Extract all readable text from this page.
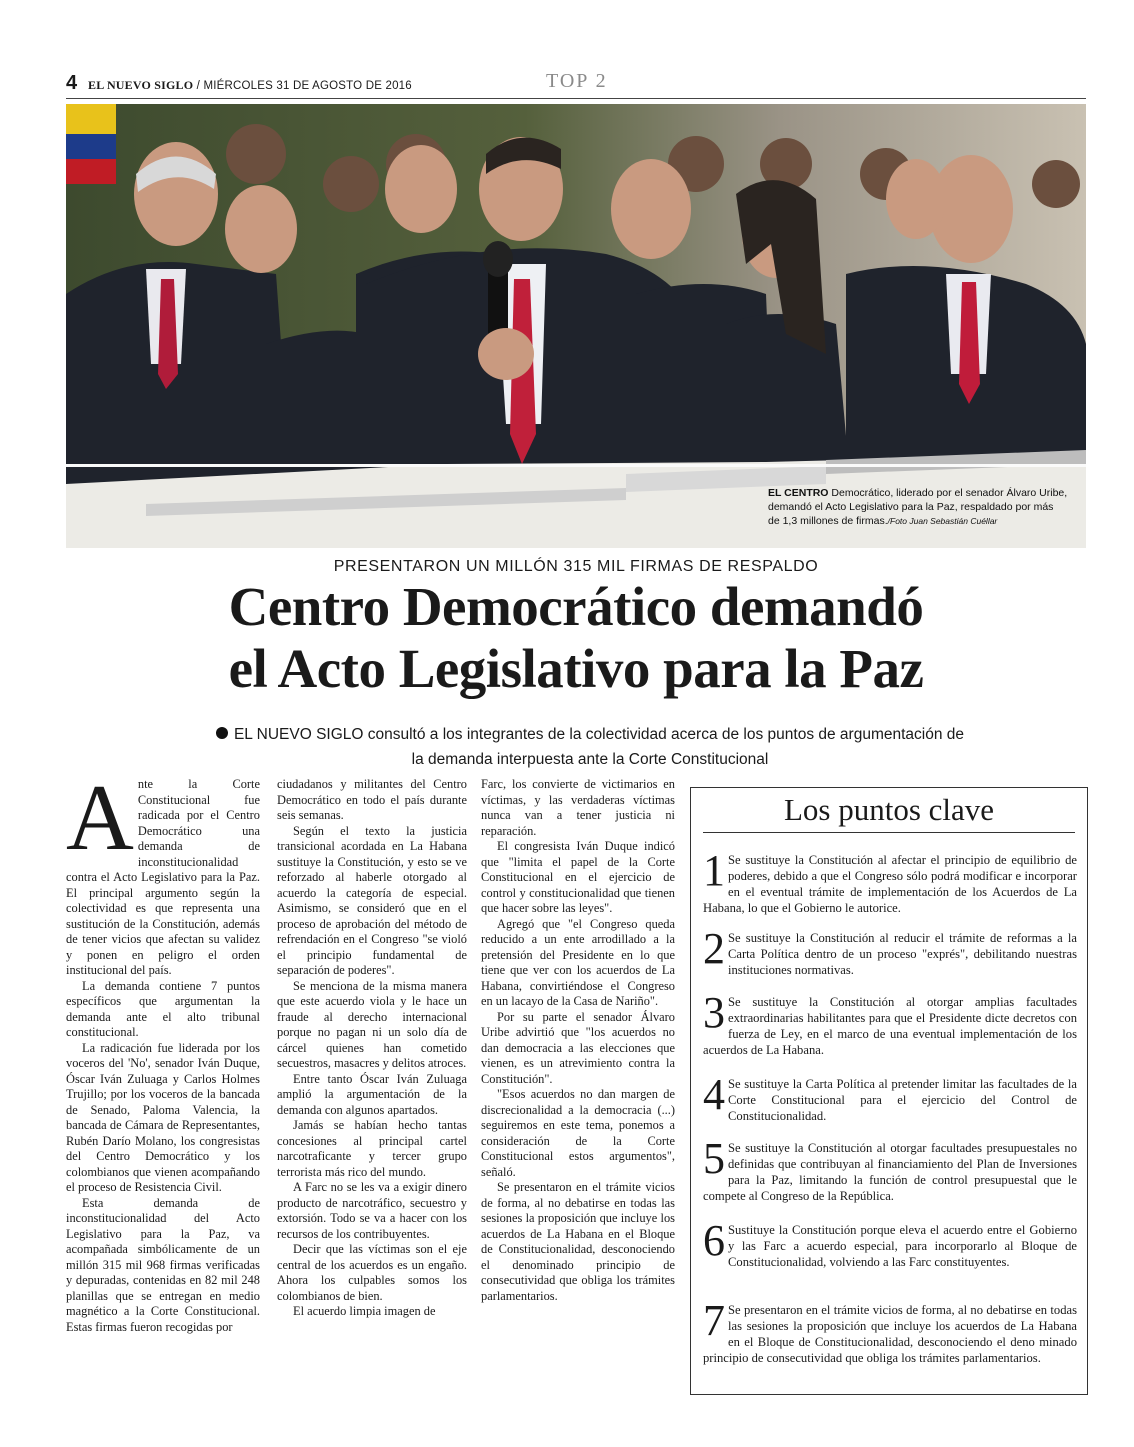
4 EL NUEVO SIGLO / MIÉRCOLES 31 DE AGOSTO DE 2016	TOP 2
EL CENTRO Democrático, liderado por el senador Álvaro Uribe, demandó el Acto Legislativo para la Paz, respaldado por más de 1,3 millones de firmas./Foto Juan Sebastián Cuéllar
PRESENTARON UN MILLÓN 315 MIL FIRMAS DE RESPALDO
Centro Democrático demandó
el Acto Legislativo para la Paz
EL NUEVO SIGLO consultó a los integrantes de la colectividad acerca de los puntos de argumentación de la demanda interpuesta ante la Corte Constitucional

Ante la Corte Constitucional fue radicada por el Centro Democrático una demanda de inconstitucionalidad contra el Acto Legislativo para la Paz. El principal argumento según la colectividad es que representa una sustitución de la Constitución, además de tener vicios que afectan su validez y ponen en peligro el orden institucional del país.

La demanda contiene 7 puntos específicos que argumentan la demanda ante el alto tribunal constitucional.

La radicación fue liderada por los voceros del 'No', senador Iván Duque, Óscar Iván Zuluaga y Carlos Holmes Trujillo; por los voceros de la bancada de Senado, Paloma Valencia, la bancada de Cámara de Representantes, Rubén Darío Molano, los congresistas del Centro Democrático y los colombianos que vienen acompañando el proceso de Resistencia Civil.

Esta demanda de inconstitucionalidad del Acto Legislativo para la Paz, va acompañada simbólicamente de un millón 315 mil 968 firmas verificadas y depuradas, contenidas en 82 mil 248 planillas que se entregan en medio magnético a la Corte Constitucional. Estas firmas fueron recogidas por

ciudadanos y militantes del Centro Democrático en todo el país durante seis semanas.

Según el texto la justicia transicional acordada en La Habana sustituye la Constitución, y esto se ve reforzado al haberle otorgado al acuerdo la categoría de especial. Asimismo, se consideró que en el proceso de aprobación del método de refrendación en el Congreso "se violó el principio fundamental de separación de poderes".

Se menciona de la misma manera que este acuerdo viola y le hace un fraude al derecho internacional porque no pagan ni un solo día de cárcel quienes han cometido secuestros, masacres y delitos atroces.

Entre tanto Óscar Iván Zuluaga amplió la argumentación de la demanda con algunos apartados.

Jamás se habían hecho tantas concesiones al principal cartel narcotraficante y tercer grupo terrorista más rico del mundo.

A Farc no se les va a exigir dinero producto de narcotráfico, secuestro y extorsión. Todo se va a hacer con los recursos de los contribuyentes.

Decir que las víctimas son el eje central de los acuerdos es un engaño. Ahora los culpables somos los colombianos de bien.

El acuerdo limpia imagen de

Farc, los convierte de victimarios en víctimas, y las verdaderas víctimas nunca van a tener justicia ni reparación.

El congresista Iván Duque indicó que "limita el papel de la Corte Constitucional en el ejercicio de control y constitucionalidad que tienen que hacer sobre las leyes".

Agregó que "el Congreso queda reducido a un ente arrodillado a la pretensión del Presidente en lo que tiene que ver con los acuerdos de La Habana, convirtiéndose el Congreso en un lacayo de la Casa de Nariño".

Por su parte el senador Álvaro Uribe advirtió que "los acuerdos no dan democracia a las elecciones que vienen, es un atrevimiento contra la Constitución".

"Esos acuerdos no dan margen de discrecionalidad a la democracia (...) seguiremos en este tema, ponemos a consideración de la Corte Constitucional estos argumentos", señaló.

Se presentaron en el trámite vicios de forma, al no debatirse en todas las sesiones la proposición que incluye los acuerdos de La Habana en el Bloque de Constitucionalidad, desconociendo el denominado principio de consecutividad que obliga los trámites parlamentarios.

Los puntos clave
1 Se sustituye la Constitución al afectar el principio de equilibrio de poderes, debido a que el Congreso sólo podrá modificar e incorporar en el eventual trámite de implementación de los Acuerdos de La Habana, lo que el Gobierno le autorice.
2 Se sustituye la Constitución al reducir el trámite de reformas a la Carta Política dentro de un proceso "exprés", debilitando nuestras instituciones normativas.
3 Se sustituye la Constitución al otorgar amplias facultades extraordinarias habilitantes para que el Presidente dicte decretos con fuerza de Ley, en el marco de una eventual implementación de los acuerdos de La Habana.
4 Se sustituye la Carta Política al pretender limitar las facultades de la Corte Constitucional para el ejercicio del Control de Constitucionalidad.
5 Se sustituye la Constitución al otorgar facultades presupuestales no definidas que contribuyan al financiamiento del Plan de Inversiones para la Paz, limitando la función de control presupuestal que le compete al Congreso de la República.
6 Sustituye la Constitución porque eleva el acuerdo entre el Gobierno y las Farc a acuerdo especial, para incorporarlo al Bloque de Constitucionalidad, volviendo a las Farc constituyentes.
7 Se presentaron en el trámite vicios de forma, al no debatirse en todas las sesiones la proposición que incluye los acuerdos de La Habana en el Bloque de Constitucionalidad, desconociendo el deno minado principio de consecutividad que obliga los trámites parlamentarios.
